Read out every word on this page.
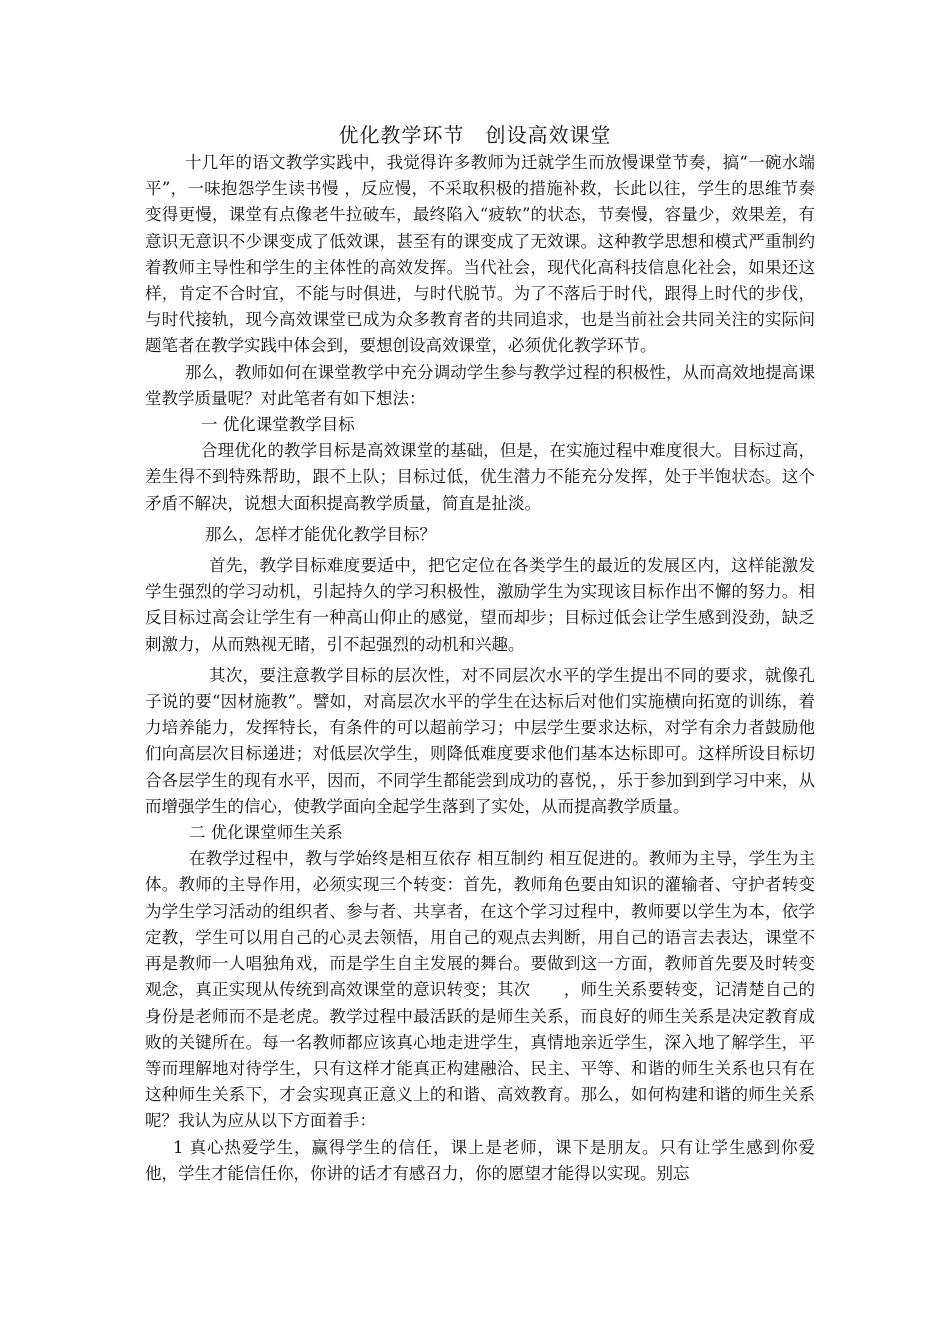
优化教学环节　创设高效课堂

十几年的语文教学实践中，我觉得许多教师为迁就学生而放慢课堂节奏，搞“一碗水端平”，一味抱怨学生读书慢 ，反应慢，不采取积极的措施补救，长此以往，学生的思维节奏变得更慢，课堂有点像老牛拉破车，最终陷入“疲软”的状态，节奏慢，容量少，效果差，有意识无意识不少课变成了低效课，甚至有的课变成了无效课。这种教学思想和模式严重制约着教师主导性和学生的主体性的高效发挥。当代社会，现代化高科技信息化社会，如果还这样，肯定不合时宜，不能与时俱进，与时代脱节。为了不落后于时代，跟得上时代的步伐，与时代接轨，现今高效课堂已成为众多教育者的共同追求，也是当前社会共同关注的实际问题笔者在教学实践中体会到，要想创设高效课堂，必须优化教学环节。

那么，教师如何在课堂教学中充分调动学生参与教学过程的积极性，从而高效地提高课堂教学质量呢？对此笔者有如下想法：

一 优化课堂教学目标

合理优化的教学目标是高效课堂的基础，但是，在实施过程中难度很大。目标过高，差生得不到特殊帮助，跟不上队；目标过低，优生潜力不能充分发挥，处于半饱状态。这个矛盾不解决，说想大面积提高教学质量，简直是扯淡。

那么，怎样才能优化教学目标？

首先，教学目标难度要适中，把它定位在各类学生的最近的发展区内，这样能激发学生强烈的学习动机，引起持久的学习积极性，激励学生为实现该目标作出不懈的努力。相反目标过高会让学生有一种高山仰止的感觉，望而却步；目标过低会让学生感到没劲，缺乏刺激力，从而熟视无睹，引不起强烈的动机和兴趣。

其次，要注意教学目标的层次性，对不同层次水平的学生提出不同的要求，就像孔子说的要“因材施教”。譬如，对高层次水平的学生在达标后对他们实施横向拓宽的训练，着力培养能力，发挥特长，有条件的可以超前学习；中层学生要求达标，对学有余力者鼓励他们向高层次目标递进；对低层次学生，则降低难度要求他们基本达标即可。这样所设目标切合各层学生的现有水平，因而，不同学生都能尝到成功的喜悦，，乐于参加到到学习中来，从而增强学生的信心，使教学面向全起学生落到了实处，从而提高教学质量。

二 优化课堂师生关系

在教学过程中，教与学始终是相互依存 相互制约 相互促进的。教师为主导，学生为主体。教师的主导作用，必须实现三个转变：首先，教师角色要由知识的灌输者、守护者转变为学生学习活动的组织者、参与者、共享者，在这个学习过程中，教师要以学生为本，依学定教，学生可以用自己的心灵去领悟，用自己的观点去判断，用自己的语言去表达，课堂不再是教师一人唱独角戏，而是学生自主发展的舞台。要做到这一方面，教师首先要及时转变观念，真正实现从传统到高效课堂的意识转变；其次　　，师生关系要转变，记清楚自己的身份是老师而不是老虎。教学过程中最活跃的是师生关系，而良好的师生关系是决定教育成败的关键所在。每一名教师都应该真心地走进学生，真情地亲近学生，深入地了解学生，平等而理解地对待学生，只有这样才能真正构建融洽、民主、平等、和谐的师生关系也只有在这种师生关系下，才会实现真正意义上的和谐、高效教育。那么，如何构建和谐的师生关系呢？我认为应从以下方面着手：

1 真心热爱学生，赢得学生的信任，课上是老师，课下是朋友。只有让学生感到你爱他，学生才能信任你，你讲的话才有感召力，你的愿望才能得以实现。别忘
